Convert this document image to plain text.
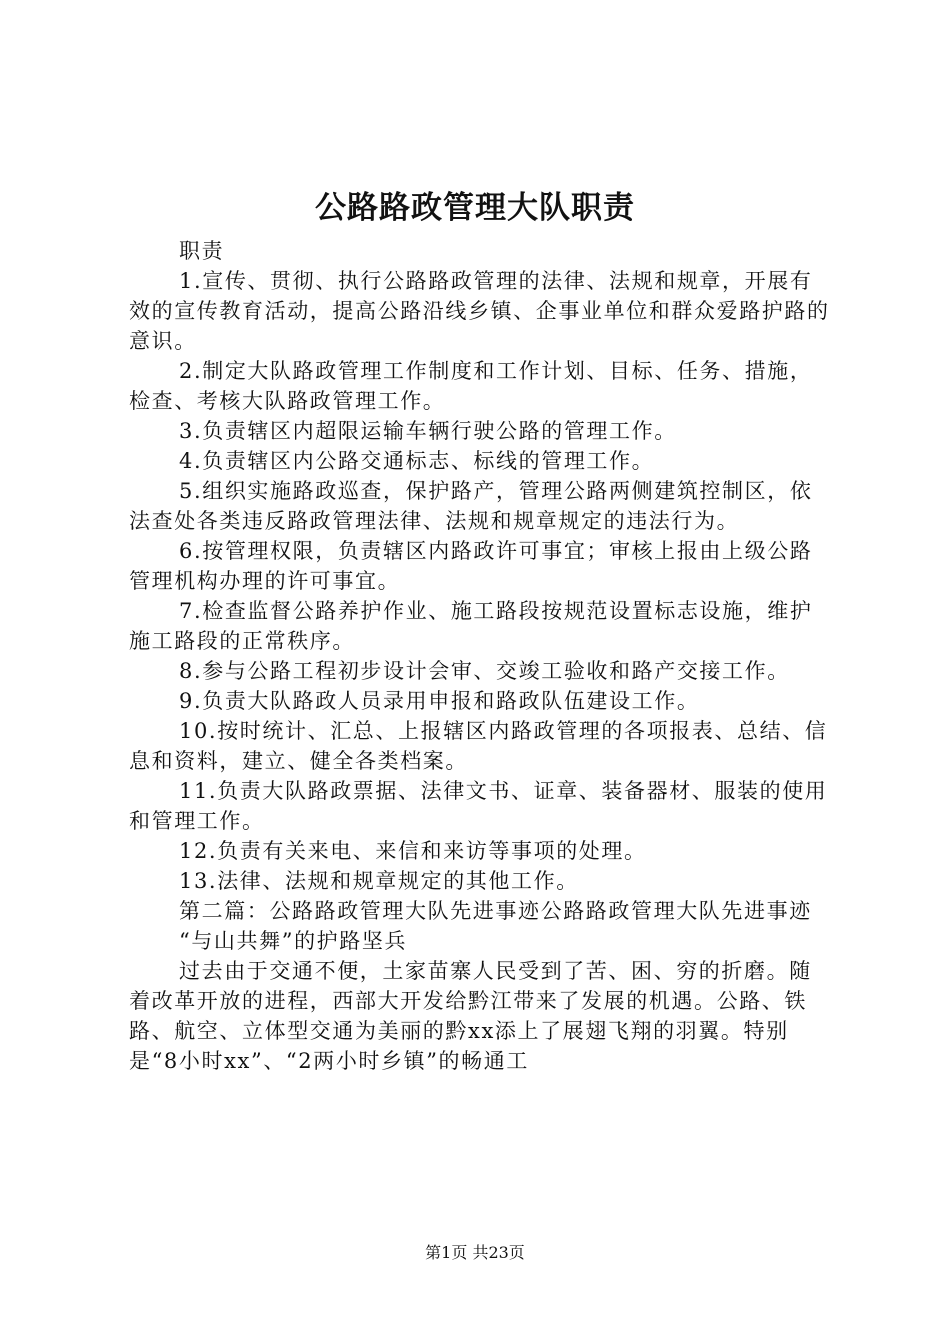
公路路政管理大队职责

职责

1.宣传、贯彻、执行公路路政管理的法律、法规和规章，开展有效的宣传教育活动，提高公路沿线乡镇、企事业单位和群众爱路护路的意识。

2.制定大队路政管理工作制度和工作计划、目标、任务、措施，检查、考核大队路政管理工作。

3.负责辖区内超限运输车辆行驶公路的管理工作。

4.负责辖区内公路交通标志、标线的管理工作。

5.组织实施路政巡查，保护路产，管理公路两侧建筑控制区，依法查处各类违反路政管理法律、法规和规章规定的违法行为。

6.按管理权限，负责辖区内路政许可事宜；审核上报由上级公路管理机构办理的许可事宜。

7.检查监督公路养护作业、施工路段按规范设置标志设施，维护施工路段的正常秩序。

8.参与公路工程初步设计会审、交竣工验收和路产交接工作。

9.负责大队路政人员录用申报和路政队伍建设工作。

10.按时统计、汇总、上报辖区内路政管理的各项报表、总结、信息和资料，建立、健全各类档案。

11.负责大队路政票据、法律文书、证章、装备器材、服装的使用和管理工作。

12.负责有关来电、来信和来访等事项的处理。

13.法律、法规和规章规定的其他工作。

第二篇：公路路政管理大队先进事迹公路路政管理大队先进事迹

“与山共舞”的护路坚兵

过去由于交通不便，土家苗寨人民受到了苦、困、穷的折磨。随着改革开放的进程，西部大开发给黔江带来了发展的机遇。公路、铁路、航空、立体型交通为美丽的黔xx添上了展翅飞翔的羽翼。特别是“8小时xx”、“2两小时乡镇”的畅通工

第1页 共23页
